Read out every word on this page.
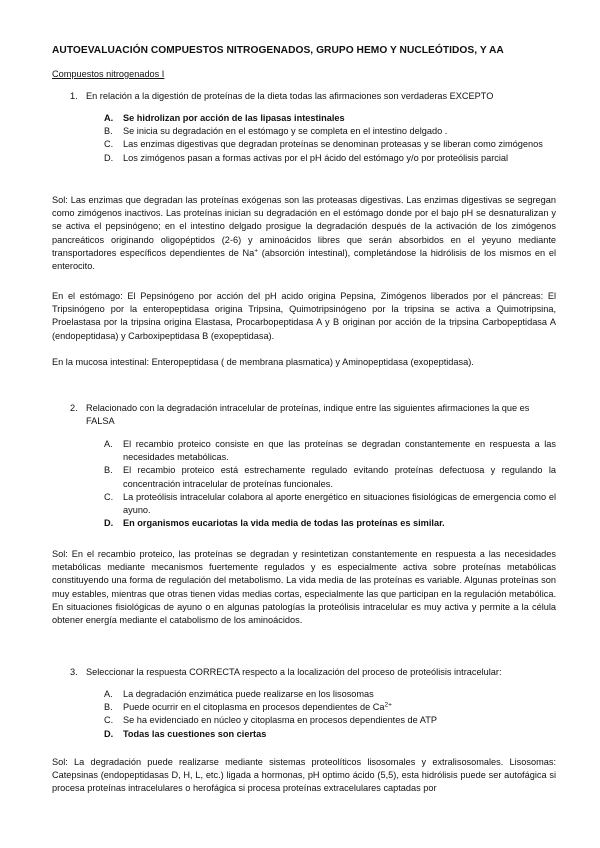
AUTOEVALUACIÓN COMPUESTOS NITROGENADOS, GRUPO HEMO Y NUCLEÓTIDOS, Y AA
Compuestos nitrogenados I
1. En relación a la digestión de proteínas de la dieta todas las afirmaciones son verdaderas EXCEPTO
A. Se hidrolizan por acción de las lipasas intestinales
B. Se inicia su degradación en el estómago y se completa en el intestino delgado .
C. Las enzimas digestivas que degradan proteínas se denominan proteasas y se liberan como zimógenos
D. Los zimógenos pasan a formas activas por el pH ácido del estómago y/o por proteólisis parcial

Sol: Las enzimas que degradan las proteínas exógenas son las proteasas digestivas. Las enzimas digestivas se segregan como zimógenos inactivos. Las proteínas inician su degradación en el estómago donde por el bajo pH se desnaturalizan y se activa el pepsinógeno; en el intestino delgado prosigue la degradación después de la activación de los zimógenos pancreáticos originando oligopéptidos (2-6) y aminoácidos libres que serán absorbidos en el yeyuno mediante transportadores específicos dependientes de Na+ (absorción intestinal), completándose la hidrólisis de los mismos en el enterocito.

En el estómago: El Pepsinógeno por acción del pH acido origina Pepsina, Zimógenos liberados por el páncreas: El Tripsinógeno por la enteropeptidasa origina Tripsina, Quimotripsinógeno por la tripsina se activa a Quimotripsina, Proelastasa por la tripsina origina Elastasa, Procarbopeptidasa A y B originan por acción de la tripsina Carbopeptidasa A (endopeptidasa) y Carboxipeptidasa B (exopeptidasa).

En la mucosa intestinal: Enteropeptidasa ( de membrana plasmatica) y Aminopeptidasa (exopeptidasa).

2. Relacionado con la degradación intracelular de proteínas, indique entre las siguientes afirmaciones la que es FALSA
A. El recambio proteico consiste en que las proteínas se degradan constantemente en respuesta a las necesidades metabólicas.
B. El recambio proteico está estrechamente regulado evitando proteínas defectuosa y regulando la concentración intracelular de proteínas funcionales.
C. La proteólisis intracelular colabora al aporte energético en situaciones fisiológicas de emergencia como el ayuno.
D. En organismos eucariotas la vida media de todas las proteínas es similar.

Sol: En el recambio proteico, las proteínas se degradan y resintetizan constantemente en respuesta a las necesidades metabólicas mediante mecanismos fuertemente regulados y es especialmente activa sobre proteínas metabólicas constituyendo una forma de regulación del metabolismo. La vida media de las proteínas es variable. Algunas proteínas son muy estables, mientras que otras tienen vidas medias cortas, especialmente las que participan en la regulación metabólica. En situaciones fisiológicas de ayuno o en algunas patologías la proteólisis intracelular es muy activa y permite a la célula obtener energía mediante el catabolismo de los aminoácidos.

3. Seleccionar la respuesta CORRECTA respecto a la localización del proceso de proteólisis intracelular:
A. La degradación enzimática puede realizarse en los lisosomas
B. Puede ocurrir en el citoplasma en procesos dependientes de $Ca^{2+}$
C. Se ha evidenciado en núcleo y citoplasma en procesos dependientes de ATP
D. Todas las cuestiones son ciertas

Sol: La degradación puede realizarse mediante sistemas proteolíticos lisosomales y extralisosomales. Lisosomas: Catepsinas (endopeptidasas D, H, L, etc.) ligada a hormonas, pH optimo ácido (5,5), esta hidrólisis puede ser autofágica si procesa proteínas intracelulares o herofágica si procesa proteínas extracelulares captadas por
